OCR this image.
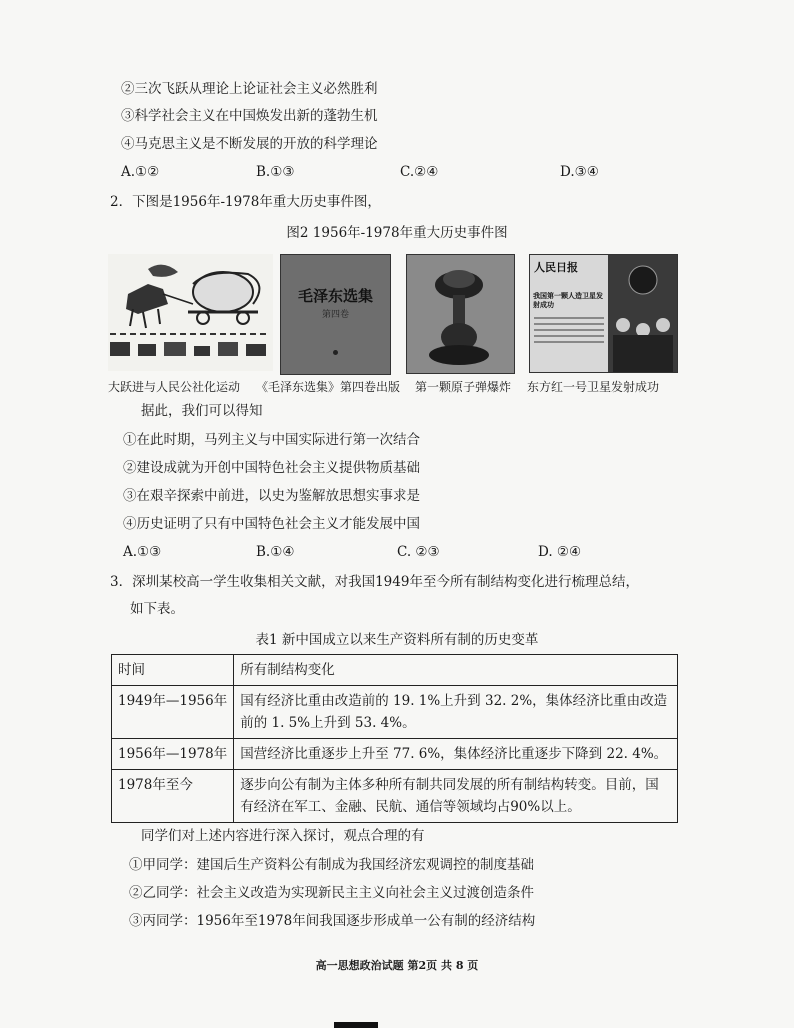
②三次飞跃从理论上论证社会主义必然胜利
③科学社会主义在中国焕发出新的蓬勃生机
④马克思主义是不断发展的开放的科学理论
A.①②	B.①③	C.②④	D.③④
2．下图是1956年-1978年重大历史事件图，
图2 1956年-1978年重大历史事件图
毛泽东选集
第四卷
人民日报
我国第一颗人造卫星发射成功
大跃进与人民公社化运动 《毛泽东选集》第四卷出版 第一颗原子弹爆炸 东方红一号卫星发射成功
据此，我们可以得知
①在此时期，马列主义与中国实际进行第一次结合
②建设成就为开创中国特色社会主义提供物质基础
③在艰辛探索中前进，以史为鉴解放思想实事求是
④历史证明了只有中国特色社会主义才能发展中国
A.①③	B.①④	C. ②③	D. ②④
3．深圳某校高一学生收集相关文献，对我国1949年至今所有制结构变化进行梳理总结，
如下表。
表1 新中国成立以来生产资料所有制的历史变革
时间	所有制结构变化
1949年—1956年	国有经济比重由改造前的 19. 1%上升到 32. 2%，集体经济比重由改造前的 1. 5%上升到 53. 4%。
1956年—1978年	国营经济比重逐步上升至 77. 6%，集体经济比重逐步下降到 22. 4%。
1978年至今	逐步向公有制为主体多种所有制共同发展的所有制结构转变。目前，国有经济在军工、金融、民航、通信等领域均占90%以上。
同学们对上述内容进行深入探讨，观点合理的有
①甲同学：建国后生产资料公有制成为我国经济宏观调控的制度基础
②乙同学：社会主义改造为实现新民主主义向社会主义过渡创造条件
③丙同学：1956年至1978年间我国逐步形成单一公有制的经济结构
高一思想政治试题 第2页 共 8 页
